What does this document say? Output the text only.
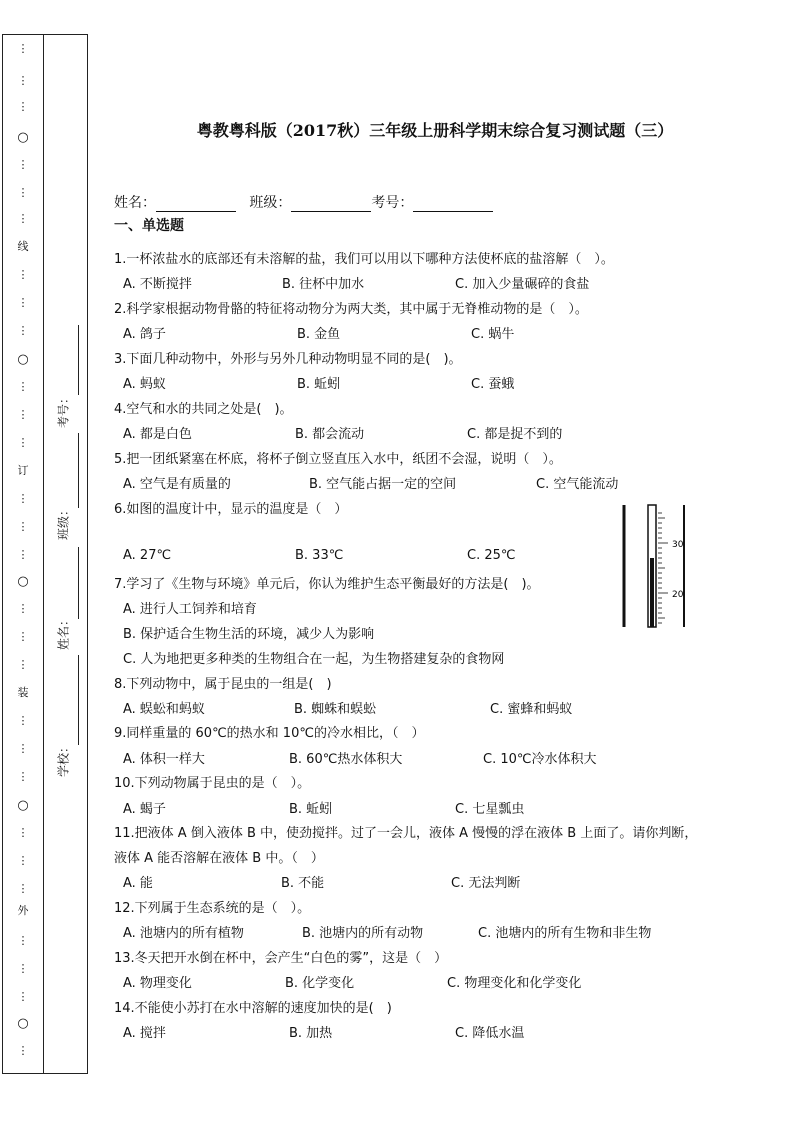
⋮
⋮
⋮
○
⋮
⋮
⋮
线
⋮
⋮
⋮
○
⋮
⋮
⋮
订
⋮
⋮
⋮
○
⋮
⋮
⋮
装
⋮
⋮
⋮
○
⋮
⋮
⋮
外
⋮
⋮
⋮
○
⋮
考号：
班级：
姓名：
学校：
粤教粤科版（2017秋）三年级上册科学期末综合复习测试题（三）
姓名：	班级：	考号：
一、单选题
1.一杯浓盐水的底部还有未溶解的盐，我们可以用以下哪种方法使杯底的盐溶解（　）。
A. 不断搅拌	B. 往杯中加水	C. 加入少量碾碎的食盐
2.科学家根据动物骨骼的特征将动物分为两大类，其中属于无脊椎动物的是（　）。
A. 鸽子	B. 金鱼	C. 蜗牛
3.下面几种动物中，外形与另外几种动物明显不同的是(　)。
A. 蚂蚁	B. 蚯蚓	C. 蚕蛾
4.空气和水的共同之处是(　)。
A. 都是白色	B. 都会流动	C. 都是捉不到的
5.把一团纸紧塞在杯底，将杯子倒立竖直压入水中，纸团不会湿，说明（　）。
A. 空气是有质量的	B. 空气能占据一定的空间	C. 空气能流动
6.如图的温度计中，显示的温度是（　）
A. 27℃	B. 33℃	C. 25℃
30
20
7.学习了《生物与环境》单元后，你认为维护生态平衡最好的方法是(　)。
A. 进行人工饲养和培育
B. 保护适合生物生活的环境，减少人为影响
C. 人为地把更多种类的生物组合在一起，为生物搭建复杂的食物网
8.下列动物中，属于昆虫的一组是(　)
A. 蜈蚣和蚂蚁	B. 蜘蛛和蜈蚣	C. 蜜蜂和蚂蚁
9.同样重量的 60℃的热水和 10℃的冷水相比，（　）
A. 体积一样大	B. 60℃热水体积大	C. 10℃冷水体积大
10.下列动物属于昆虫的是（　）。
A. 蝎子	B. 蚯蚓	C. 七星瓢虫
11.把液体 A 倒入液体 B 中，使劲搅拌。过了一会儿，液体 A 慢慢的浮在液体 B 上面了。请你判断，
液体 A 能否溶解在液体 B 中。（　）
A. 能	B. 不能	C. 无法判断
12.下列属于生态系统的是（　）。
A. 池塘内的所有植物	B. 池塘内的所有动物	C. 池塘内的所有生物和非生物
13.冬天把开水倒在杯中，会产生“白色的雾”，这是（　）
A. 物理变化	B. 化学变化	C. 物理变化和化学变化
14.不能使小苏打在水中溶解的速度加快的是(　)
A. 搅拌	B. 加热	C. 降低水温
